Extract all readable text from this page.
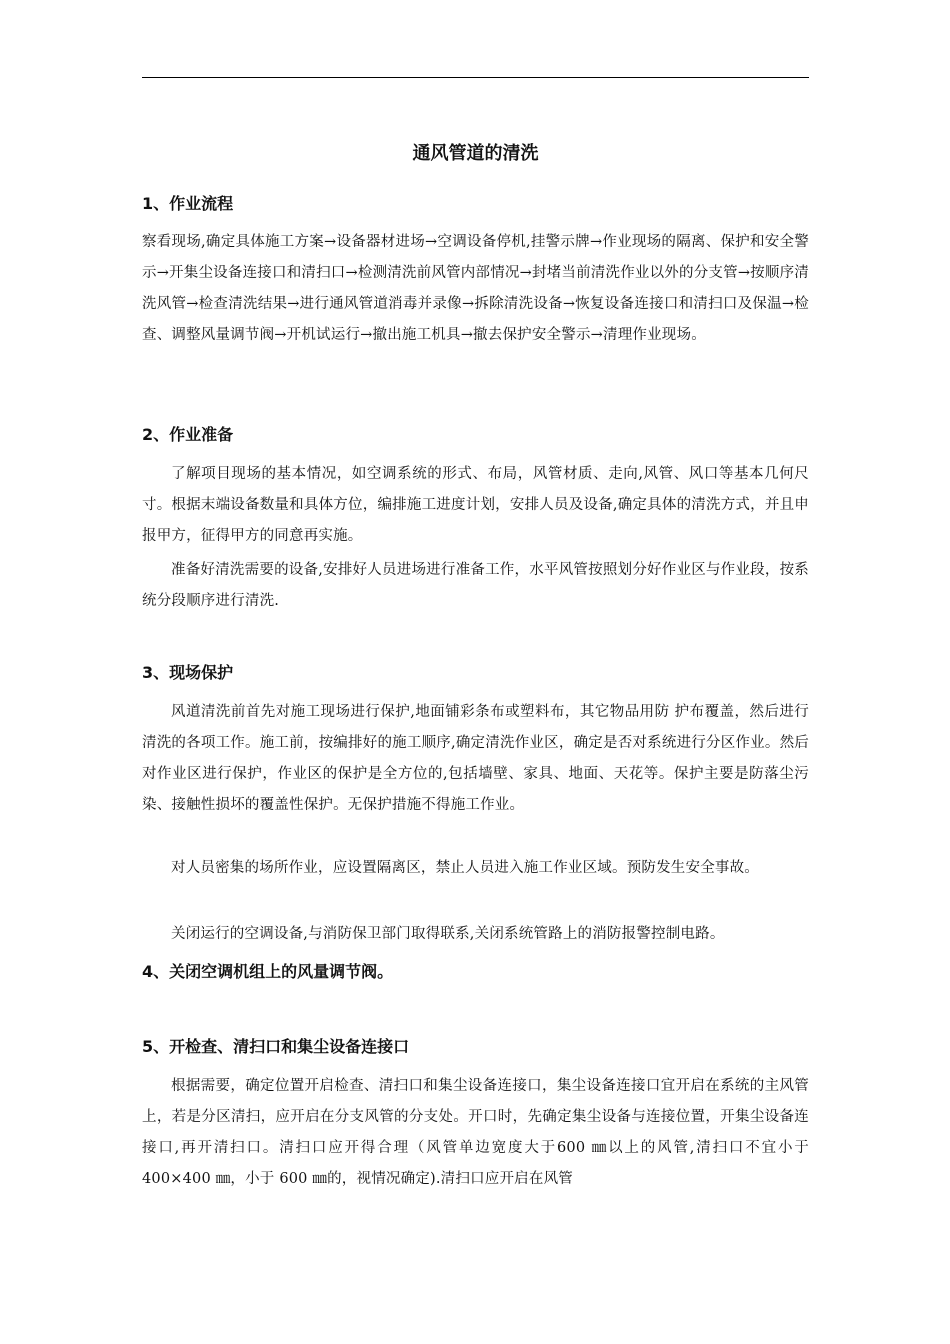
通风管道的清洗
1、作业流程

察看现场,确定具体施工方案→设备器材进场→空调设备停机,挂警示牌→作业现场的隔离、保护和安全警示→开集尘设备连接口和清扫口→检测清洗前风管内部情况→封堵当前清洗作业以外的分支管→按顺序清洗风管→检查清洗结果→进行通风管道消毒并录像→拆除清洗设备→恢复设备连接口和清扫口及保温→检查、调整风量调节阀→开机试运行→撤出施工机具→撤去保护安全警示→清理作业现场。

2、作业准备

了解项目现场的基本情况，如空调系统的形式、布局，风管材质、走向,风管、风口等基本几何尺寸。根据末端设备数量和具体方位，编排施工进度计划，安排人员及设备,确定具体的清洗方式，并且申报甲方，征得甲方的同意再实施。

准备好清洗需要的设备,安排好人员进场进行准备工作，水平风管按照划分好作业区与作业段，按系统分段顺序进行清洗.

3、现场保护

风道清洗前首先对施工现场进行保护,地面铺彩条布或塑料布，其它物品用防 护布覆盖，然后进行清洗的各项工作。施工前，按编排好的施工顺序,确定清洗作业区，确定是否对系统进行分区作业。然后对作业区进行保护，作业区的保护是全方位的,包括墙壁、家具、地面、天花等。保护主要是防落尘污染、接触性损坏的覆盖性保护。无保护措施不得施工作业。

对人员密集的场所作业，应设置隔离区，禁止人员进入施工作业区域。预防发生安全事故。

关闭运行的空调设备,与消防保卫部门取得联系,关闭系统管路上的消防报警控制电路。

4、关闭空调机组上的风量调节阀。
5、开检查、清扫口和集尘设备连接口

根据需要，确定位置开启检查、清扫口和集尘设备连接口，集尘设备连接口宜开启在系统的主风管上，若是分区清扫，应开启在分支风管的分支处。开口时，先确定集尘设备与连接位置，开集尘设备连接口,再开清扫口。清扫口应开得合理（风管单边宽度大于600 ㎜以上的风管,清扫口不宜小于 400×400 ㎜，小于 600 ㎜的，视情况确定).清扫口应开启在风管
